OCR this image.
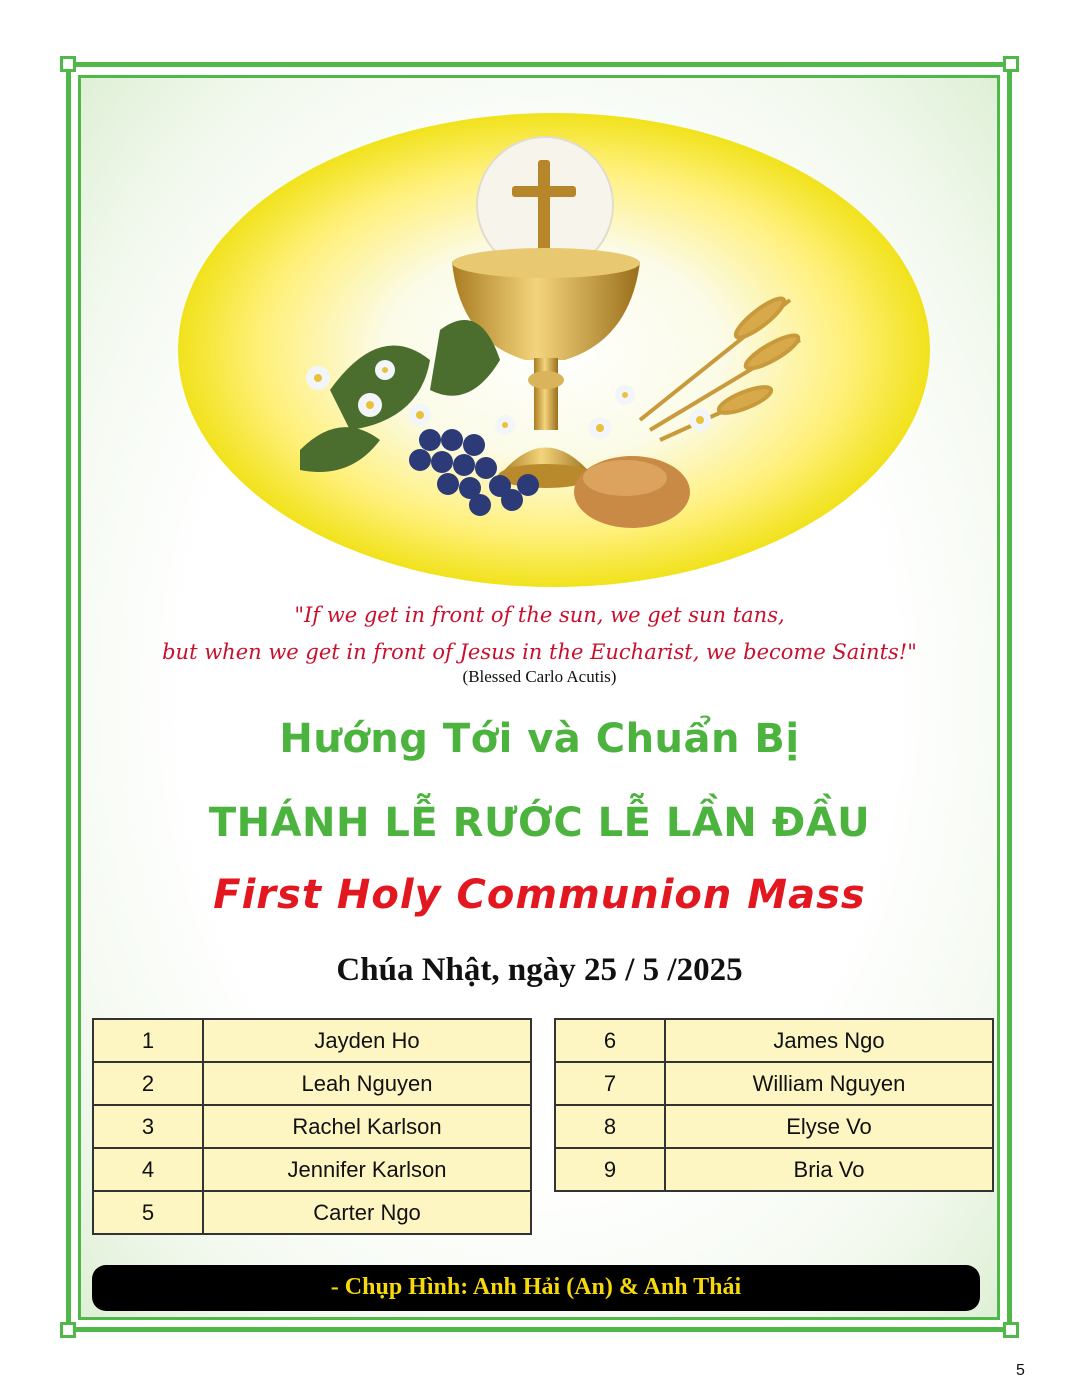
"If we get in front of the sun, we get sun tans,
but when we get in front of Jesus in the Eucharist, we become Saints!"
(Blessed Carlo Acutis)
Hướng Tới và Chuẩn Bị
THÁNH LỄ RƯỚC LỄ LẦN ĐẦU
First Holy Communion Mass
Chúa Nhật, ngày 25 / 5 /2025
1	Jayden Ho
2	Leah Nguyen
3	Rachel Karlson
4	Jennifer Karlson
5	Carter Ngo
6	James Ngo
7	William Nguyen
8	Elyse Vo
9	Bria Vo
- Chụp Hình: Anh Hải (An) & Anh Thái
5
